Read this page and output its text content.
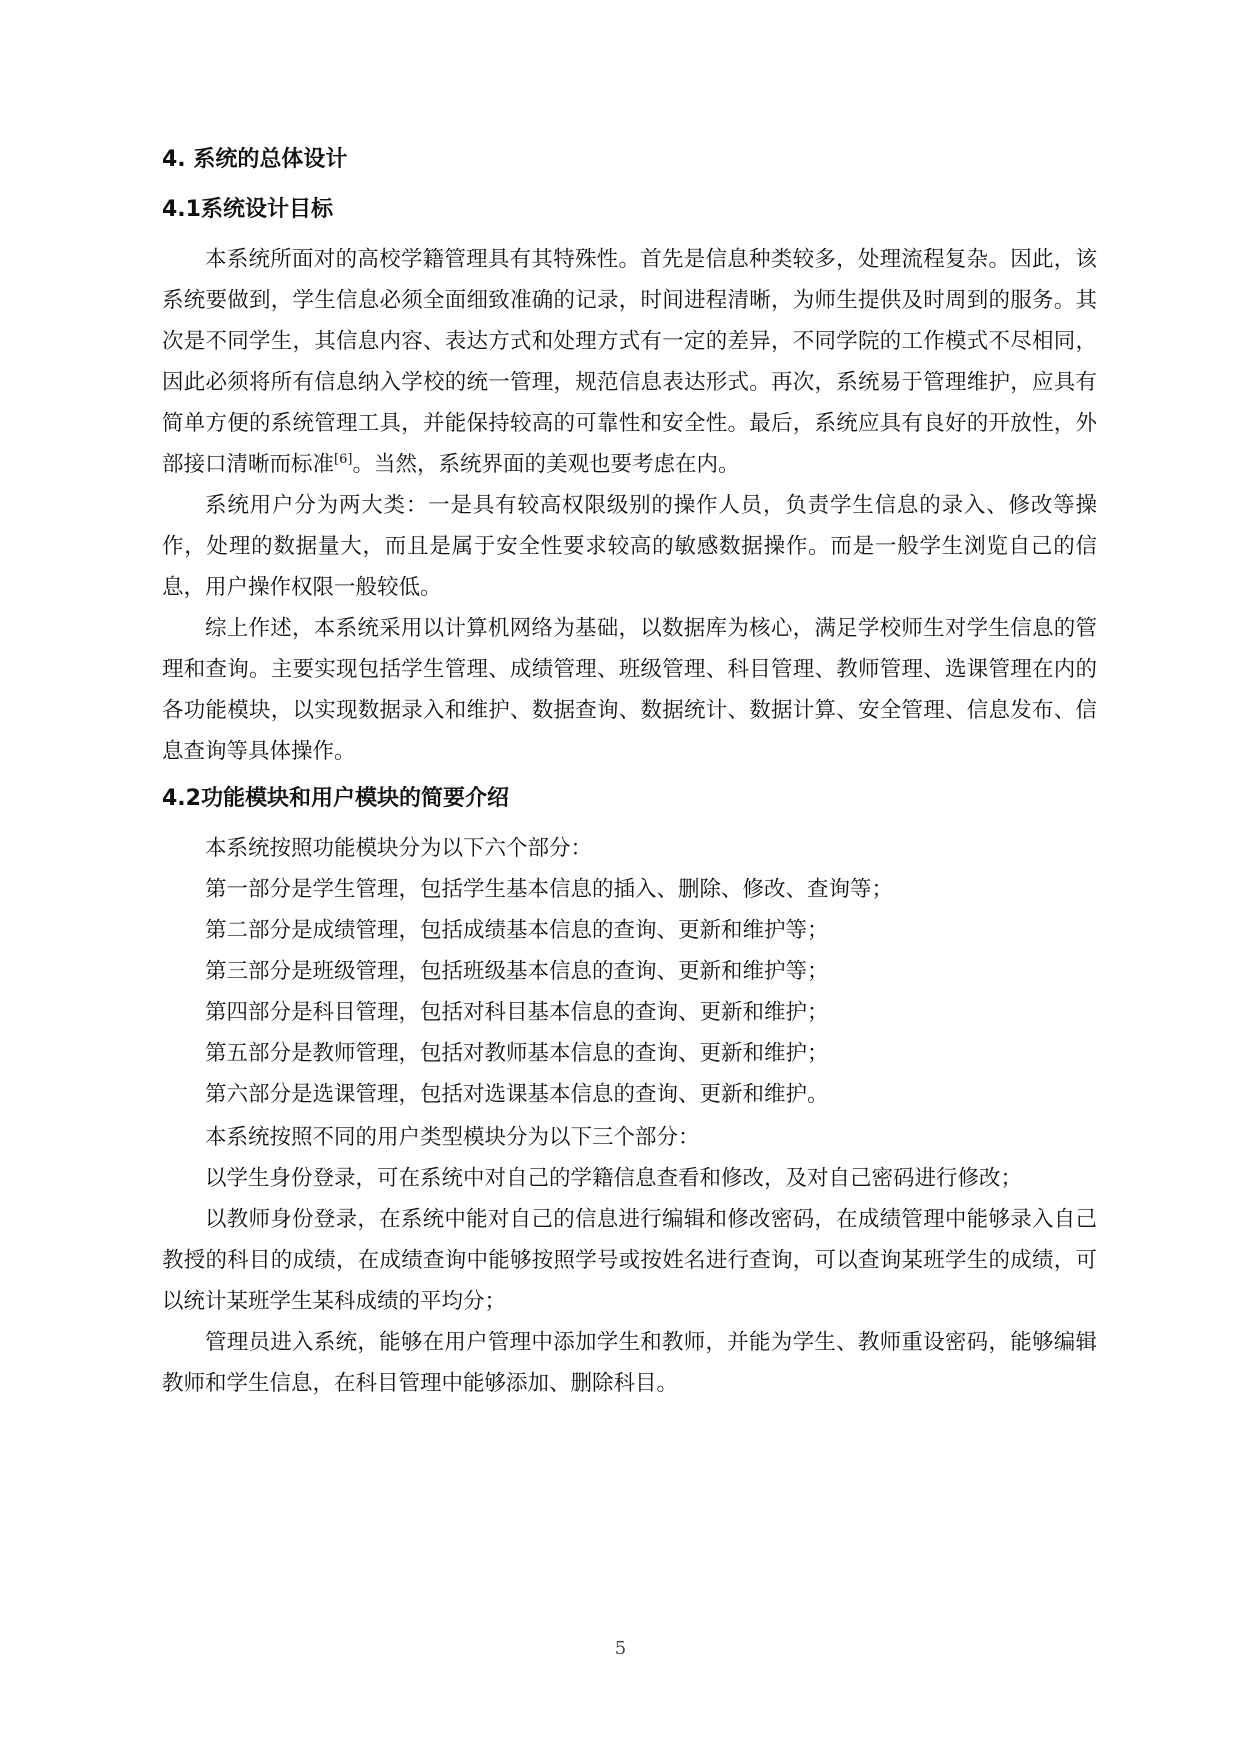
4. 系统的总体设计
4.1系统设计目标

本系统所面对的高校学籍管理具有其特殊性。首先是信息种类较多，处理流程复杂。因此，该系统要做到，学生信息必须全面细致准确的记录，时间进程清晰，为师生提供及时周到的服务。其次是不同学生，其信息内容、表达方式和处理方式有一定的差异，不同学院的工作模式不尽相同，因此必须将所有信息纳入学校的统一管理，规范信息表达形式。再次，系统易于管理维护，应具有简单方便的系统管理工具，并能保持较高的可靠性和安全性。最后，系统应具有良好的开放性，外部接口清晰而标准[6]。当然，系统界面的美观也要考虑在内。

系统用户分为两大类：一是具有较高权限级别的操作人员，负责学生信息的录入、修改等操作，处理的数据量大，而且是属于安全性要求较高的敏感数据操作。而是一般学生浏览自己的信息，用户操作权限一般较低。

综上作述，本系统采用以计算机网络为基础，以数据库为核心，满足学校师生对学生信息的管理和查询。主要实现包括学生管理、成绩管理、班级管理、科目管理、教师管理、选课管理在内的各功能模块，以实现数据录入和维护、数据查询、数据统计、数据计算、安全管理、信息发布、信息查询等具体操作。

4.2功能模块和用户模块的简要介绍

本系统按照功能模块分为以下六个部分：

第一部分是学生管理，包括学生基本信息的插入、删除、修改、查询等；

第二部分是成绩管理，包括成绩基本信息的查询、更新和维护等；

第三部分是班级管理，包括班级基本信息的查询、更新和维护等；

第四部分是科目管理，包括对科目基本信息的查询、更新和维护；

第五部分是教师管理，包括对教师基本信息的查询、更新和维护；

第六部分是选课管理，包括对选课基本信息的查询、更新和维护。

本系统按照不同的用户类型模块分为以下三个部分：

以学生身份登录，可在系统中对自己的学籍信息查看和修改，及对自己密码进行修改；

以教师身份登录，在系统中能对自己的信息进行编辑和修改密码，在成绩管理中能够录入自己教授的科目的成绩，在成绩查询中能够按照学号或按姓名进行查询，可以查询某班学生的成绩，可以统计某班学生某科成绩的平均分；

管理员进入系统，能够在用户管理中添加学生和教师，并能为学生、教师重设密码，能够编辑教师和学生信息，在科目管理中能够添加、删除科目。

5
